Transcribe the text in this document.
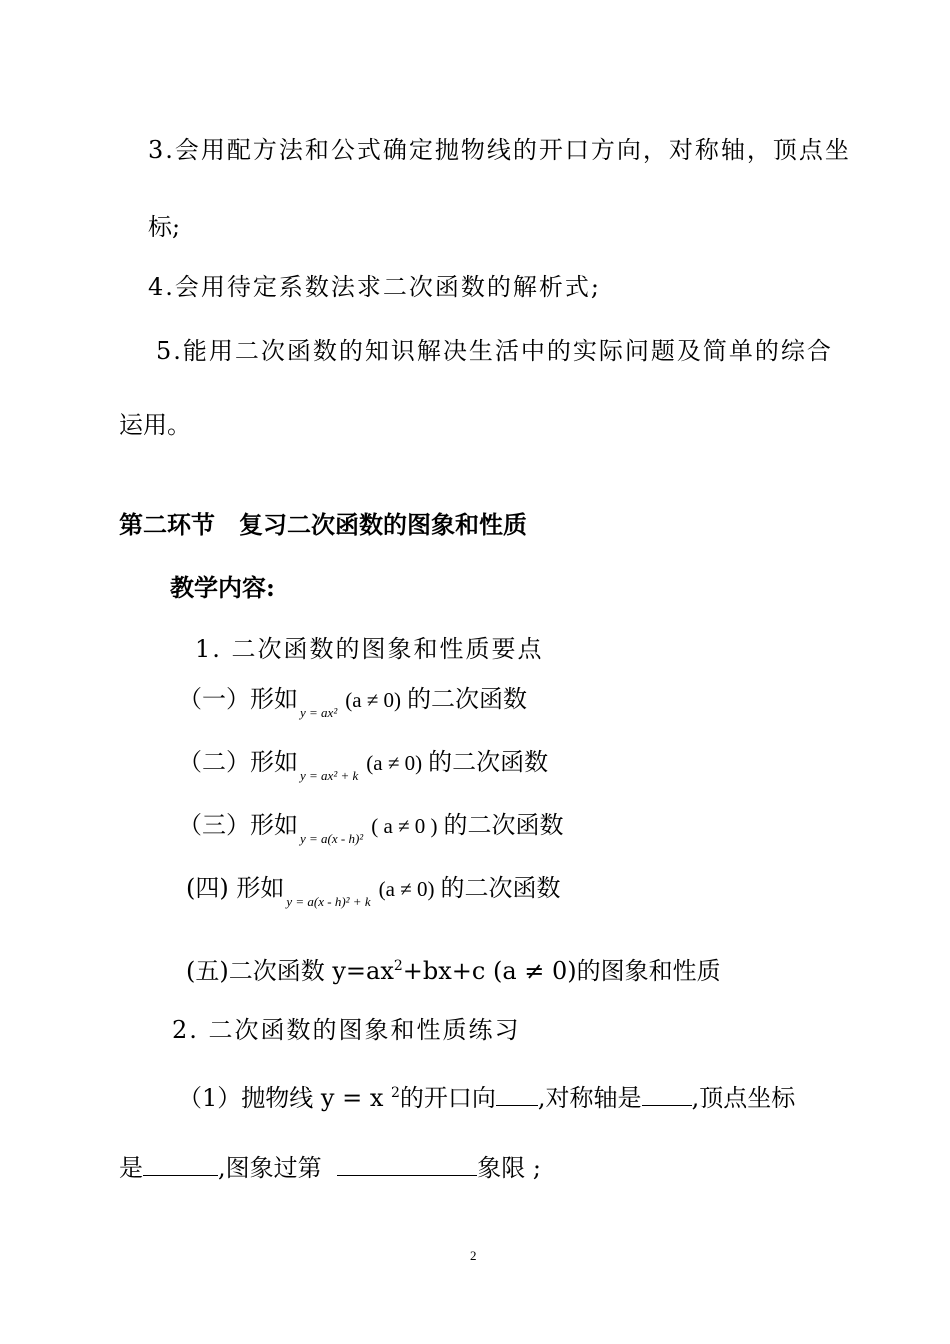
3.会用配方法和公式确定抛物线的开口方向，对称轴，顶点坐
标;
4.会用待定系数法求二次函数的解析式;
5.能用二次函数的知识解决生活中的实际问题及简单的综合
运用。
第二环节　复习二次函数的图象和性质
教学内容:
1. 二次函数的图象和性质要点
（一）形如 $_{y = ax^2}$(a ≠ 0) 的二次函数
（二）形如 $_{y = ax^2 + k}$(a ≠ 0) 的二次函数
（三）形如 $_{y = a(x - h)^2}$( a ≠ 0 ) 的二次函数
(四) 形如 $_{y = a(x - h)^2 + k}$(a ≠ 0) 的二次函数
(五)二次函数 $y=ax^2+bx+c$ (a ≠ 0)的图象和性质
2. 二次函数的图象和性质练习
（1）抛物线 y = x $^2$的开口向 ,对称轴是 ,顶点坐标
是	,图象过第	象限 ;
2
